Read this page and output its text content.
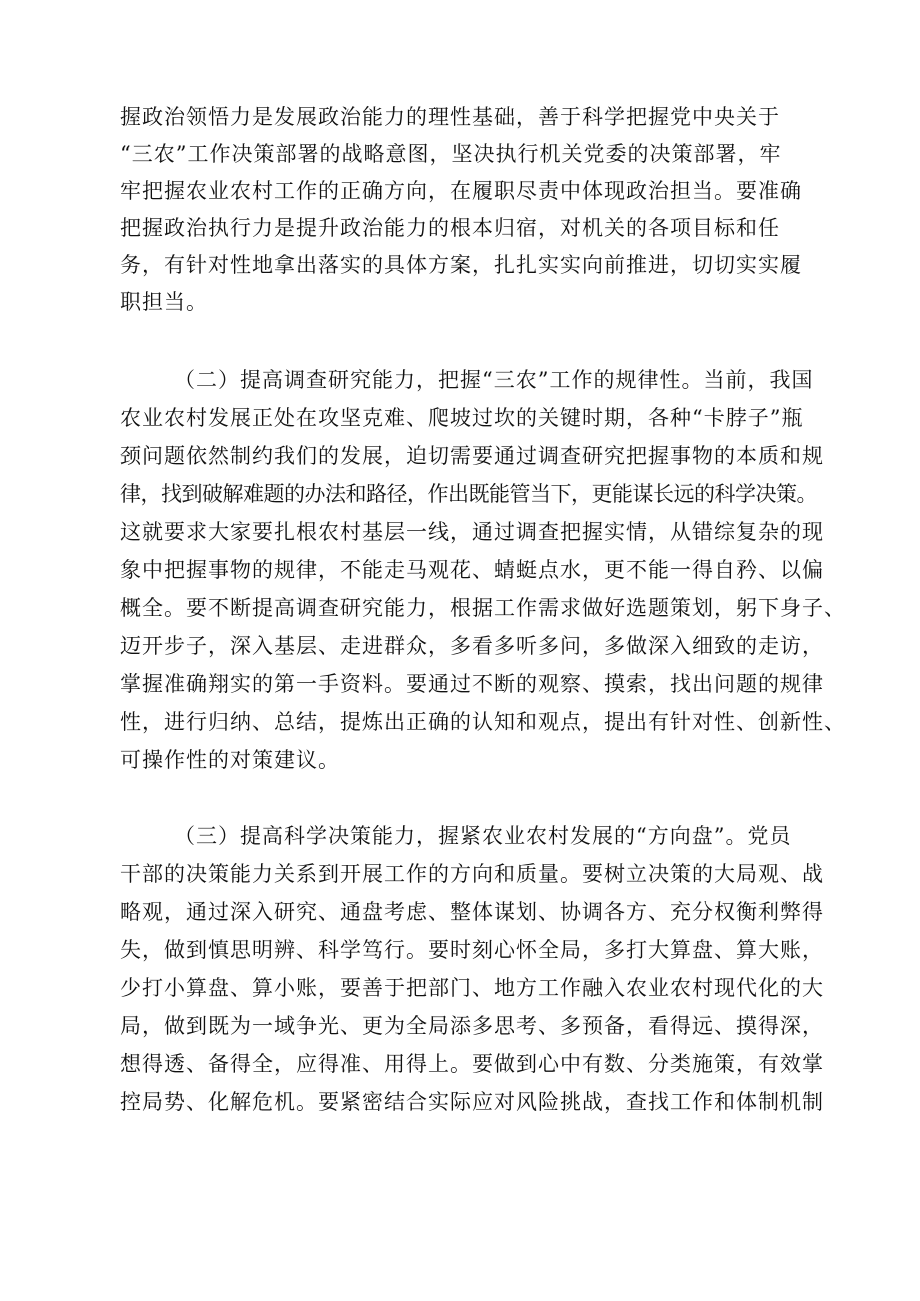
握政治领悟力是发展政治能力的理性基础，善于科学把握党中央关于
“三农”工作决策部署的战略意图，坚决执行机关党委的决策部署，牢
牢把握农业农村工作的正确方向，在履职尽责中体现政治担当。要准确
把握政治执行力是提升政治能力的根本归宿，对机关的各项目标和任
务，有针对性地拿出落实的具体方案，扎扎实实向前推进，切切实实履
职担当。
（二）提高调查研究能力，把握“三农”工作的规律性。当前，我国
农业农村发展正处在攻坚克难、爬坡过坎的关键时期，各种“卡脖子”瓶
颈问题依然制约我们的发展，迫切需要通过调查研究把握事物的本质和规
律，找到破解难题的办法和路径，作出既能管当下，更能谋长远的科学决策。
这就要求大家要扎根农村基层一线，通过调查把握实情，从错综复杂的现
象中把握事物的规律，不能走马观花、蜻蜓点水，更不能一得自矜、以偏
概全。要不断提高调查研究能力，根据工作需求做好选题策划，躬下身子、
迈开步子，深入基层、走进群众，多看多听多问，多做深入细致的走访，
掌握准确翔实的第一手资料。要通过不断的观察、摸索，找出问题的规律
性，进行归纳、总结，提炼出正确的认知和观点，提出有针对性、创新性、
可操作性的对策建议。
（三）提高科学决策能力，握紧农业农村发展的“方向盘”。党员
干部的决策能力关系到开展工作的方向和质量。要树立决策的大局观、战
略观，通过深入研究、通盘考虑、整体谋划、协调各方、充分权衡利弊得
失，做到慎思明辨、科学笃行。要时刻心怀全局，多打大算盘、算大账，
少打小算盘、算小账，要善于把部门、地方工作融入农业农村现代化的大
局，做到既为一域争光、更为全局添多思考、多预备，看得远、摸得深，
想得透、备得全，应得准、用得上。要做到心中有数、分类施策，有效掌
控局势、化解危机。要紧密结合实际应对风险挑战，查找工作和体制机制
